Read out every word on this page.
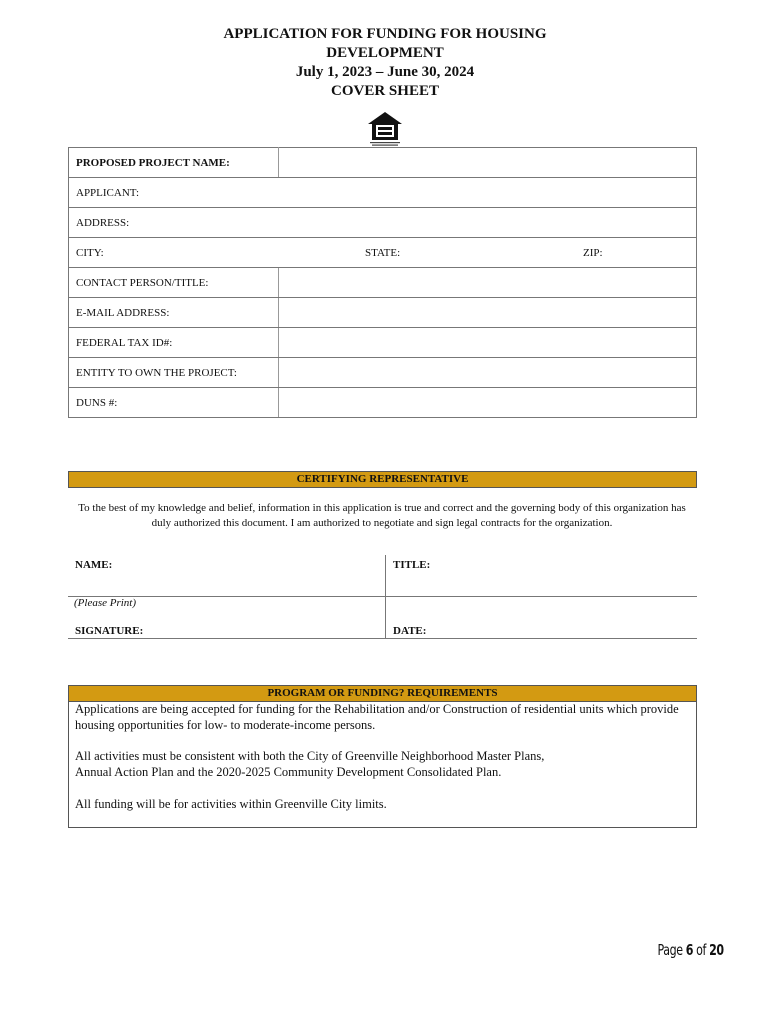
APPLICATION FOR FUNDING FOR HOUSING
DEVELOPMENT
July 1, 2023 – June 30, 2024
COVER SHEET
PROPOSED PROJECT NAME:	
APPLICANT:	
ADDRESS:	
CITY: STATE: ZIP:	

CONTACT PERSON/TITLE:	
E-MAIL ADDRESS:	
FEDERAL TAX ID#:	
ENTITY TO OWN THE PROJECT:	
DUNS #:	
CERTIFYING REPRESENTATIVE
To the best of my knowledge and belief, information in this application is true and correct and the governing body of this organization has duly authorized this document. I am authorized to negotiate and sign legal contracts for the organization.
NAME:	TITLE:
(Please Print)
SIGNATURE:	DATE:
PROGRAM OR FUNDING? REQUIREMENTS

Applications are being accepted for funding for the Rehabilitation and/or Construction of residential units which provide housing opportunities for low- to moderate-income persons.

All activities must be consistent with both the City of Greenville Neighborhood Master Plans,

Annual Action Plan and the 2020-2025 Community Development Consolidated Plan.

All funding will be for activities within Greenville City limits.

Page 6 of 20
